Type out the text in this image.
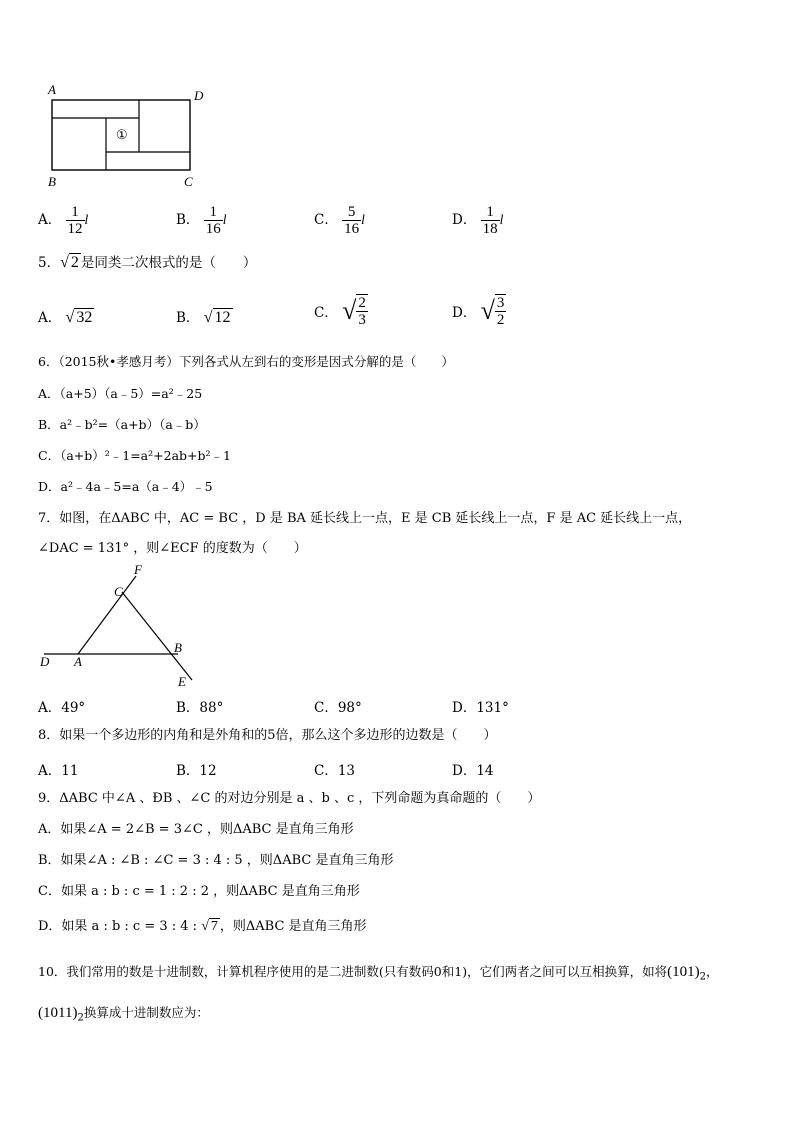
A	D
B	C
①
A． $\frac{1}{12}$ l	B． $\frac{1}{16}$ l	C． $\frac{5}{16}$ l	D． $\frac{1}{18}$ l
5．√ 2 是同类二次根式的是（　　）
A． √ 32	B． √ 12	C． √ $\frac{2}{3}$	D． √ $\frac{3}{2}$
6．（2015秋•孝感月考）下列各式从左到右的变形是因式分解的是（　　）
A．（a+5）（a﹣5）=a²﹣25
B．a²﹣b²=（a+b）（a﹣b）
C．（a+b）²﹣1=a²+2ab+b²﹣1
D．a²﹣4a﹣5=a（a﹣4）﹣5
7．如图，在ΔABC 中，AC = BC ，D 是 BA 延长线上一点，E 是 CB 延长线上一点，F 是 AC 延长线上一点，
∠DAC = 131° ，则∠ECF 的度数为（　　）
F
C
B
D A
E
A．49°	B．88°	C．98°	D．131°
8．如果一个多边形的内角和是外角和的5倍，那么这个多边形的边数是（　　）
A．11	B．12	C．13	D．14
9．ΔABC 中∠A 、ÐB 、∠C 的对边分别是 a 、b 、c ，下列命题为真命题的（　　）
A．如果∠A = 2∠B = 3∠C ，则ΔABC 是直角三角形
B．如果∠A : ∠B : ∠C = 3 : 4 : 5 ，则ΔABC 是直角三角形
C．如果 a : b : c = 1 : 2 : 2 ，则ΔABC 是直角三角形
D．如果 a : b : c = 3 : 4 : √ 7 ，则ΔABC 是直角三角形
10．我们常用的数是十进制数，计算机程序使用的是二进制数(只有数码0和1)，它们两者之间可以互相换算，如将$(101)_2$，
$(1011)_2$换算成十进制数应为：
